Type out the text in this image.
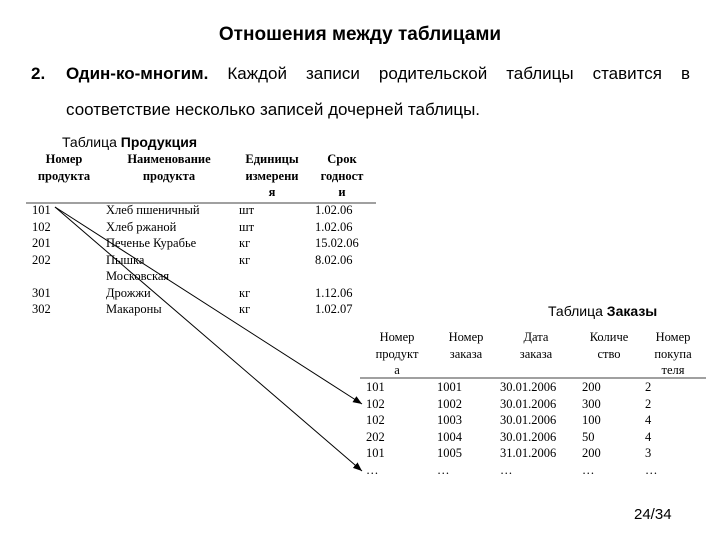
Отношения между таблицами
2. Один-ко-многим. Каждой записи родительской таблицы ставится в
соответствие несколько записей дочерней таблицы.
Таблица Продукция
Номер
продукта
Наименование
продукта
Единицы
измерени
я
Срок
годност
и
101
102
201
202
301
302
Хлеб пшеничный
Хлеб ржаной
Печенье Курабье
Пышка
Московская
Дрожжи
Макароны
шт
шт
кг
кг
кг
кг
1.02.06
1.02.06
15.02.06
8.02.06
1.12.06
1.02.07	Таблица Заказы
Номер
продукт
а
Номер
заказа
Дата
заказа
Количе
ство
Номер
покупа
теля
101
102
102
202
101
…
1001
1002
1003
1004
1005
…
30.01.2006
30.01.2006
30.01.2006
30.01.2006
31.01.2006
…
200
300
100
50
200
…
2
2
4
4
3
…
24/34
